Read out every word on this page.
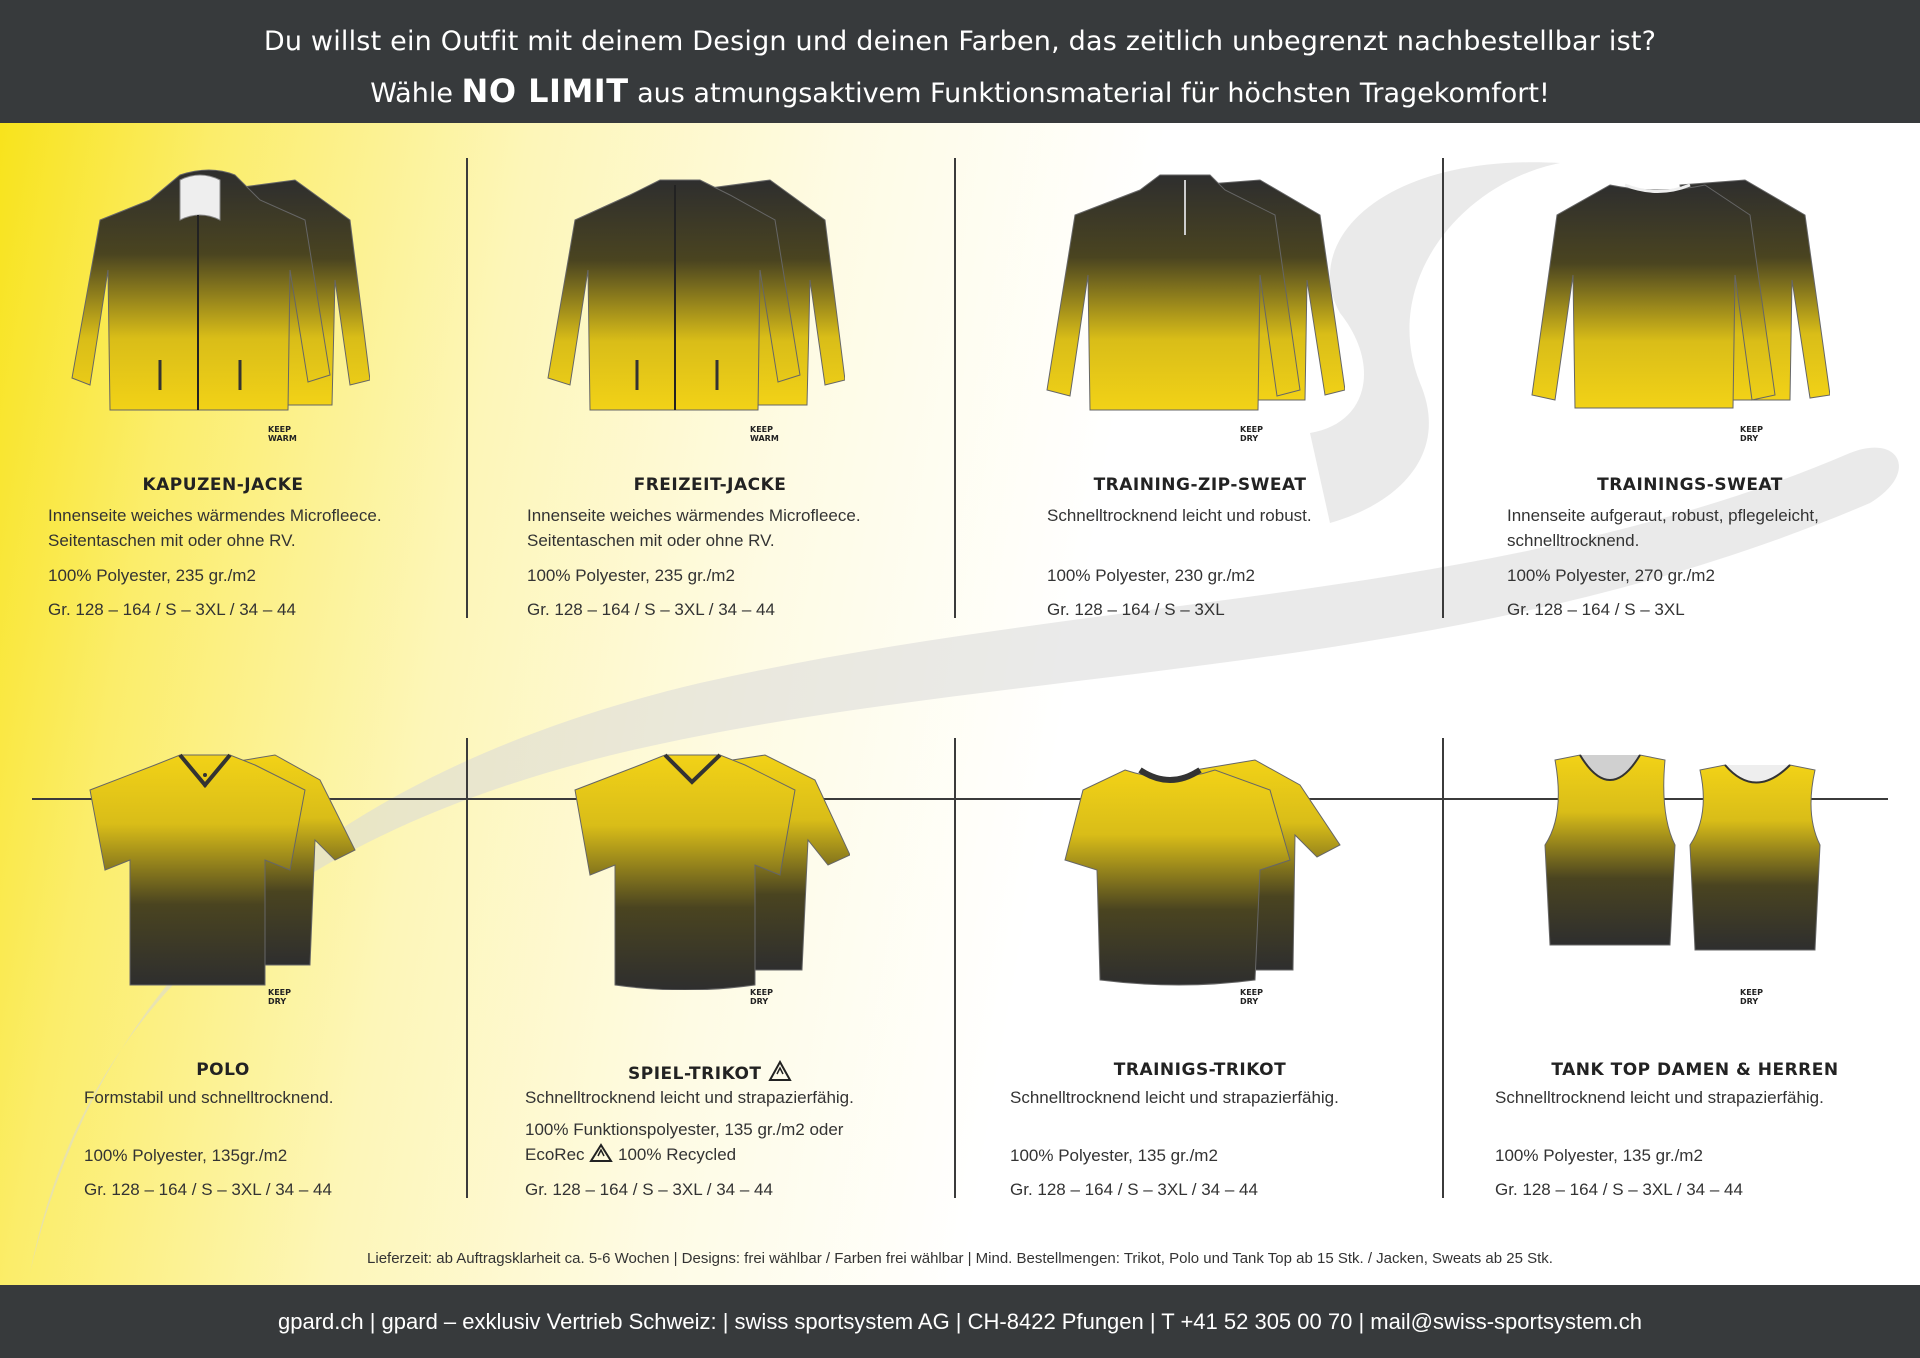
Du willst ein Outfit mit deinem Design und deinen Farben, das zeitlich unbegrenzt nachbestellbar ist?
Wähle NO LIMIT aus atmungsaktivem Funktionsmaterial für höchsten Tragekomfort!
KEEP
WARM
KAPUZEN-JACKE
Innenseite weiches wärmendes Microfleece.
Seitentaschen mit oder ohne RV.
100% Polyester, 235 gr./m2
Gr. 128 – 164 / S – 3XL / 34 – 44
KEEP
WARM
FREIZEIT-JACKE
Innenseite weiches wärmendes Microfleece.
Seitentaschen mit oder ohne RV.
100% Polyester, 235 gr./m2
Gr. 128 – 164 / S – 3XL / 34 – 44
KEEP
DRY
TRAINING-ZIP-SWEAT
Schnelltrocknend leicht und robust.
100% Polyester, 230 gr./m2
Gr. 128 – 164 / S – 3XL
KEEP
DRY
TRAININGS-SWEAT
Innenseite aufgeraut, robust, pflegeleicht,
schnelltrocknend.
100% Polyester, 270 gr./m2
Gr. 128 – 164 / S – 3XL
KEEP
DRY
POLO
Formstabil und schnelltrocknend.
100% Polyester, 135gr./m2
Gr. 128 – 164 / S – 3XL / 34 – 44
KEEP
DRY
SPIEL-TRIKOT
Schnelltrocknend leicht und strapazierfähig.
100% Funktionspolyester, 135 gr./m2 oder
EcoRec 100% Recycled
Gr. 128 – 164 / S – 3XL / 34 – 44
KEEP
DRY
TRAINIGS-TRIKOT
Schnelltrocknend leicht und strapazierfähig.
100% Polyester, 135 gr./m2
Gr. 128 – 164 / S – 3XL / 34 – 44
KEEP
DRY
TANK TOP DAMEN & HERREN
Schnelltrocknend leicht und strapazierfähig.
100% Polyester, 135 gr./m2
Gr. 128 – 164 / S – 3XL / 34 – 44
Lieferzeit: ab Auftragsklarheit ca. 5-6 Wochen | Designs: frei wählbar / Farben frei wählbar | Mind. Bestellmengen: Trikot, Polo und Tank Top ab 15 Stk. / Jacken, Sweats ab 25 Stk.
gpard.ch | gpard – exklusiv Vertrieb Schweiz: | swiss sportsystem AG | CH-8422 Pfungen | T +41 52 305 00 70 | mail@swiss-sportsystem.ch
